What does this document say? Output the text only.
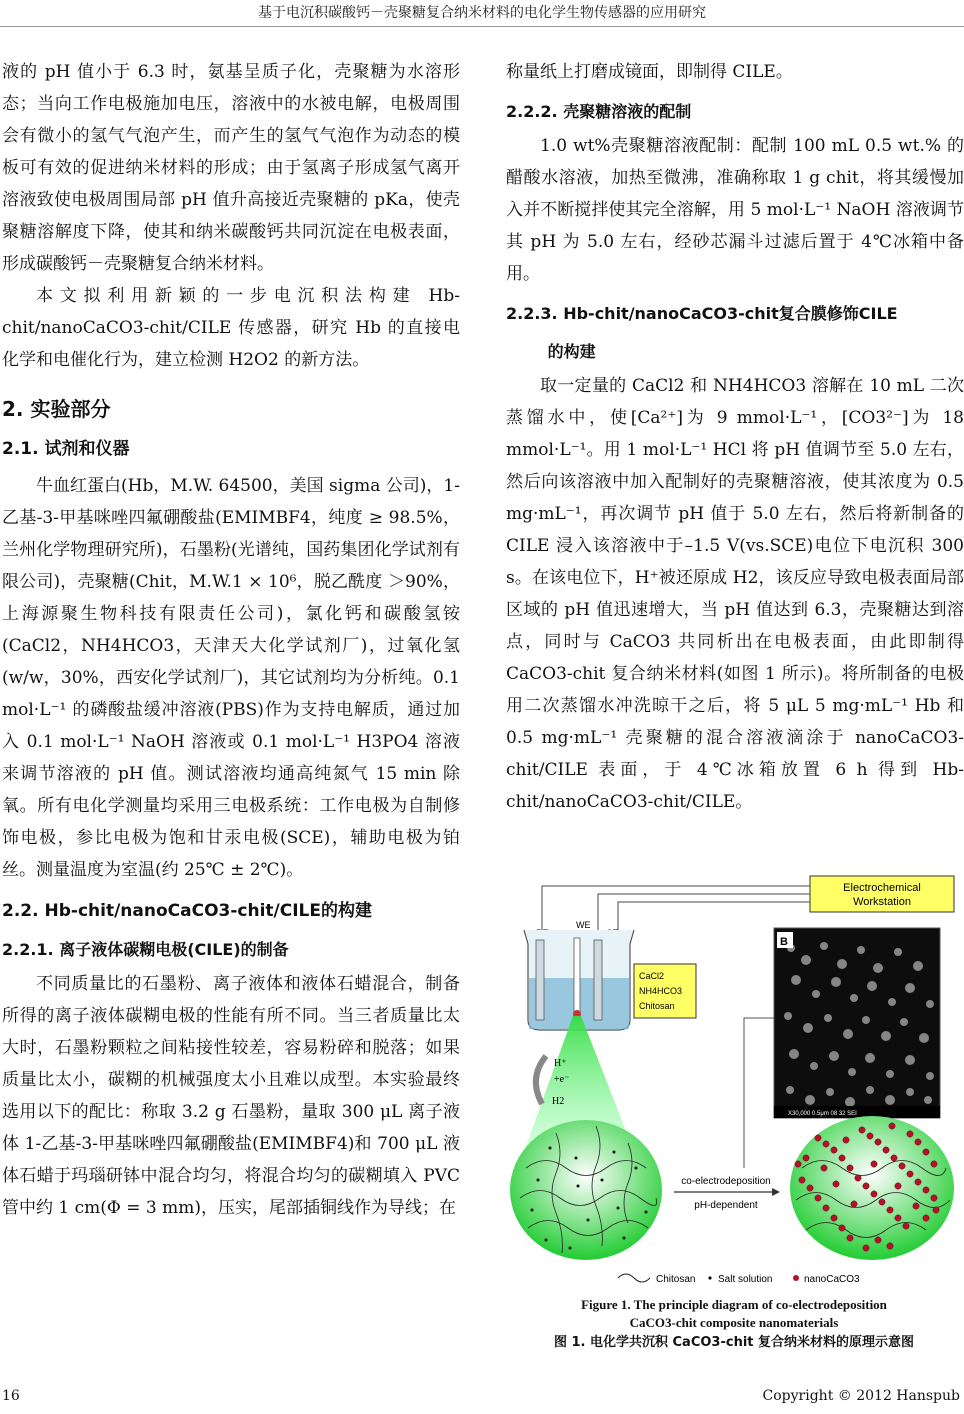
基于电沉积碳酸钙－壳聚糖复合纳米材料的电化学生物传感器的应用研究

液的 pH 值小于 6.3 时，氨基呈质子化，壳聚糖为水溶形态；当向工作电极施加电压，溶液中的水被电解，电极周围会有微小的氢气气泡产生，而产生的氢气气泡作为动态的模板可有效的促进纳米材料的形成；由于氢离子形成氢气离开溶液致使电极周围局部 pH 值升高接近壳聚糖的 pKa，使壳聚糖溶解度下降，使其和纳米碳酸钙共同沉淀在电极表面，形成碳酸钙－壳聚糖复合纳米材料。

本文拟利用新颖的一步电沉积法构建 Hb-chit/nanoCaCO3-chit/CILE 传感器，研究 Hb 的直接电化学和电催化行为，建立检测 H2O2 的新方法。

2. 实验部分
2.1. 试剂和仪器

牛血红蛋白(Hb，M.W. 64500，美国 sigma 公司)，1-乙基-3-甲基咪唑四氟硼酸盐(EMIMBF4，纯度 ≥ 98.5%，兰州化学物理研究所)，石墨粉(光谱纯，国药集团化学试剂有限公司)，壳聚糖(Chit，M.W.1 × 10⁶，脱乙酰度 ＞90%，上海源聚生物科技有限责任公司)，氯化钙和碳酸氢铵(CaCl2，NH4HCO3，天津天大化学试剂厂)，过氧化氢(w/w，30%，西安化学试剂厂)，其它试剂均为分析纯。0.1 mol·L⁻¹ 的磷酸盐缓冲溶液(PBS)作为支持电解质，通过加入 0.1 mol·L⁻¹ NaOH 溶液或 0.1 mol·L⁻¹ H3PO4 溶液来调节溶液的 pH 值。测试溶液均通高纯氮气 15 min 除氧。所有电化学测量均采用三电极系统：工作电极为自制修饰电极，参比电极为饱和甘汞电极(SCE)，辅助电极为铂丝。测量温度为室温(约 25℃ ± 2℃)。

2.2. Hb-chit/nanoCaCO3-chit/CILE的构建
2.2.1. 离子液体碳糊电极(CILE)的制备

不同质量比的石墨粉、离子液体和液体石蜡混合，制备所得的离子液体碳糊电极的性能有所不同。当三者质量比太大时，石墨粉颗粒之间粘接性较差，容易粉碎和脱落；如果质量比太小，碳糊的机械强度太小且难以成型。本实验最终选用以下的配比：称取 3.2 g 石墨粉，量取 300 μL 离子液体 1-乙基-3-甲基咪唑四氟硼酸盐(EMIMBF4)和 700 μL 液体石蜡于玛瑙研钵中混合均匀，将混合均匀的碳糊填入 PVC 管中约 1 cm(Φ = 3 mm)，压实，尾部插铜线作为导线；在

称量纸上打磨成镜面，即制得 CILE。

2.2.2. 壳聚糖溶液的配制

1.0 wt%壳聚糖溶液配制：配制 100 mL 0.5 wt.% 的醋酸水溶液，加热至微沸，准确称取 1 g chit，将其缓慢加入并不断搅拌使其完全溶解，用 5 mol·L⁻¹ NaOH 溶液调节其 pH 为 5.0 左右，经砂芯漏斗过滤后置于 4℃冰箱中备用。

2.2.3. Hb-chit/nanoCaCO3-chit复合膜修饰CILE
的构建

取一定量的 CaCl2 和 NH4HCO3 溶解在 10 mL 二次蒸馏水中，使[Ca²⁺]为 9 mmol·L⁻¹，[CO3²⁻]为 18 mmol·L⁻¹。用 1 mol·L⁻¹ HCl 将 pH 值调节至 5.0 左右，然后向该溶液中加入配制好的壳聚糖溶液，使其浓度为 0.5 mg·mL⁻¹，再次调节 pH 值于 5.0 左右，然后将新制备的 CILE 浸入该溶液中于–1.5 V(vs.SCE)电位下电沉积 300 s。在该电位下，H⁺被还原成 H2，该反应导致电极表面局部区域的 pH 值迅速增大，当 pH 值达到 6.3，壳聚糖达到溶点，同时与 CaCO3 共同析出在电极表面，由此即制得 CaCO3-chit 复合纳米材料(如图 1 所示)。将所制备的电极用二次蒸馏水冲洗晾干之后，将 5 μL 5 mg·mL⁻¹ Hb 和 0.5 mg·mL⁻¹ 壳聚糖的混合溶液滴涂于 nanoCaCO3-chit/CILE 表面，于 4℃冰箱放置 6 h 得到 Hb-chit/nanoCaCO3-chit/CILE。

Electrochemical
Workstation
WE
CaCl2
NH4HCO3
Chitosan
B
X30,000 0.5μm 08 32 SEI
H⁺
+e⁻
H2
co-electrodeposition
pH-dependent
Chitosan Salt solution	nanoCaCO3
Figure 1. The principle diagram of co-electrodeposition
CaCO3-chit composite nanomaterials
图 1. 电化学共沉积 CaCO3-chit 复合纳米材料的原理示意图
16	Copyright © 2012 Hanspub
